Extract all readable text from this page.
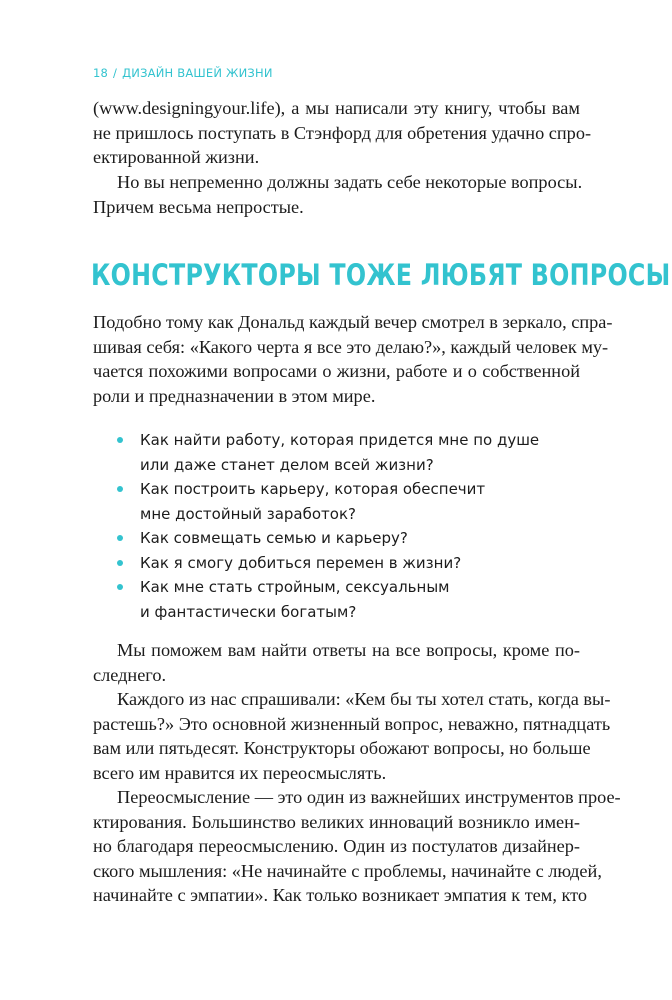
18 / ДИЗАЙН ВАШЕЙ ЖИЗНИ
(www.designingyour.life), а мы написали эту книгу, чтобы вам
не пришлось поступать в Стэнфорд для обретения удачно спро-
ектированной жизни.
Но вы непременно должны задать себе некоторые вопросы.
Причем весьма непростые.
КОНСТРУКТОРЫ ТОЖЕ ЛЮБЯТ ВОПРОСЫ
Подобно тому как Дональд каждый вечер смотрел в зеркало, спра-
шивая себя: «Какого черта я все это делаю?», каждый человек му-
чается похожими вопросами о жизни, работе и о собственной
роли и предназначении в этом мире.
Как найти работу, которая придется мне по душе
или даже станет делом всей жизни?
Как построить карьеру, которая обеспечит
мне достойный заработок?
Как совмещать семью и карьеру?
Как я смогу добиться перемен в жизни?
Как мне стать стройным, сексуальным
и фантастически богатым?
Мы поможем вам найти ответы на все вопросы, кроме по-
следнего.
Каждого из нас спрашивали: «Кем бы ты хотел стать, когда вы-
растешь?» Это основной жизненный вопрос, неважно, пятнадцать
вам или пятьдесят. Конструкторы обожают вопросы, но больше
всего им нравится их переосмыслять.
Переосмысление — это один из важнейших инструментов прое-
ктирования. Большинство великих инноваций возникло имен-
но благодаря переосмыслению. Один из постулатов дизайнер-
ского мышления: «Не начинайте с проблемы, начинайте с людей,
начинайте с эмпатии». Как только возникает эмпатия к тем, кто
